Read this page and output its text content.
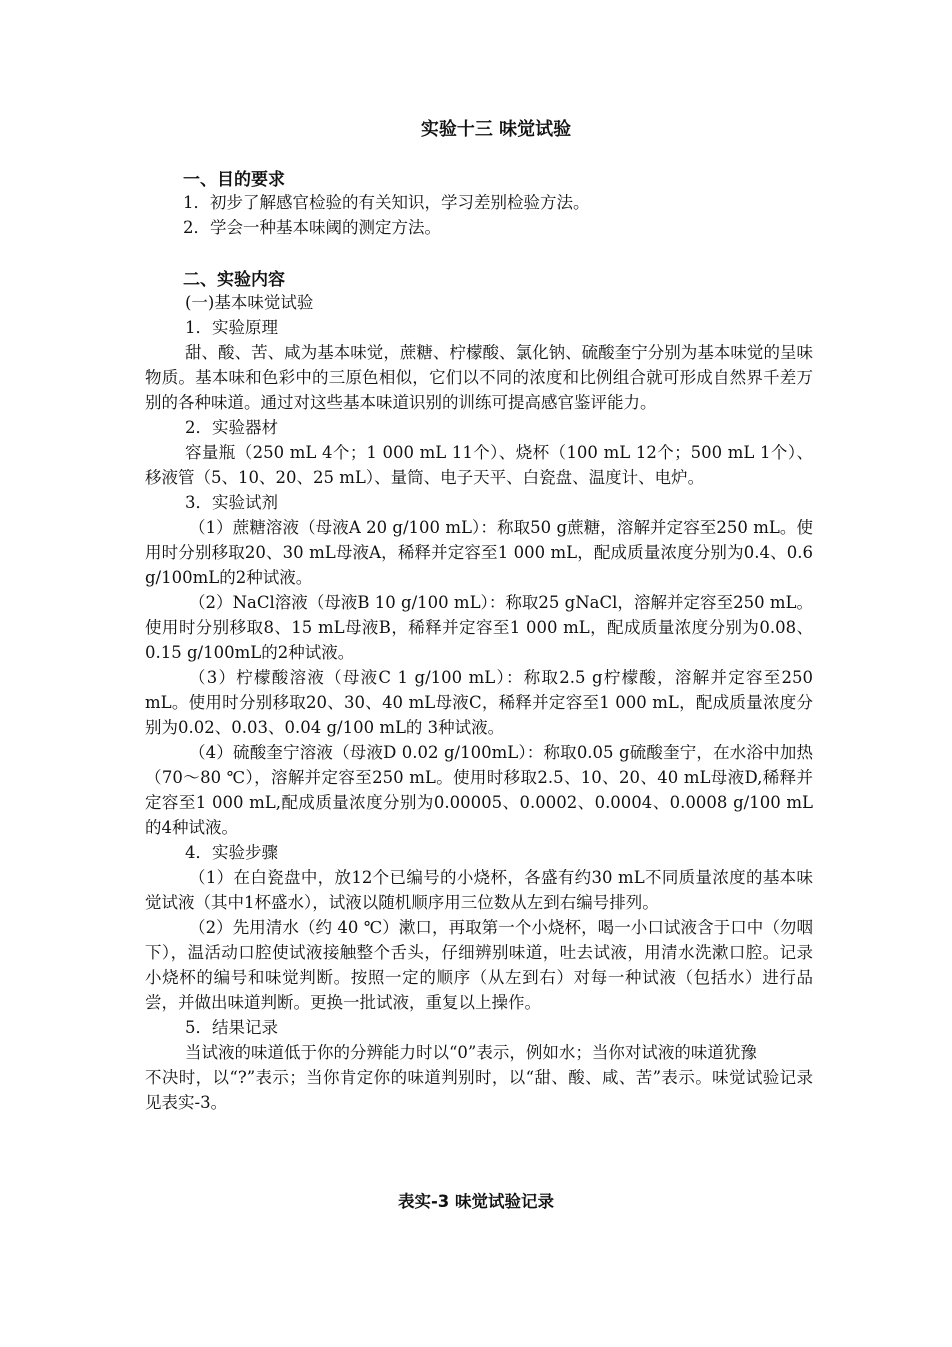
实验十三 味觉试验
一、目的要求
1．初步了解感官检验的有关知识，学习差别检验方法。
2．学会一种基本味阈的测定方法。
二、实验内容

(一)基本味觉试验

1．实验原理

甜、酸、苦、咸为基本味觉，蔗糖、柠檬酸、氯化钠、硫酸奎宁分别为基本味觉的呈味物质。基本味和色彩中的三原色相似，它们以不同的浓度和比例组合就可形成自然界千差万别的各种味道。通过对这些基本味道识别的训练可提高感官鉴评能力。

2．实验器材

容量瓶（250 mL 4个；1 000 mL 11个）、烧杯（100 mL 12个；500 mL 1个）、移液管（5、10、20、25 mL）、量筒、电子天平、白瓷盘、温度计、电炉。

3．实验试剂

（1）蔗糖溶液（母液A 20 g/100 mL）：称取50 g蔗糖，溶解并定容至250 mL。使用时分别移取20、30 mL母液A，稀释并定容至1 000 mL，配成质量浓度分别为0.4、0.6 g/100mL的2种试液。

（2）NaCl溶液（母液B 10 g/100 mL）：称取25 gNaCl，溶解并定容至250 mL。使用时分别移取8、15 mL母液B，稀释并定容至1 000 mL，配成质量浓度分别为0.08、0.15 g/100mL的2种试液。

（3）柠檬酸溶液（母液C 1 g/100 mL）：称取2.5 g柠檬酸，溶解并定容至250 mL。使用时分别移取20、30、40 mL母液C，稀释并定容至1 000 mL，配成质量浓度分别为0.02、0.03、0.04 g/100 mL的 3种试液。

（4）硫酸奎宁溶液（母液D 0.02 g/100mL）：称取0.05 g硫酸奎宁，在水浴中加热（70～80 ℃），溶解并定容至250 mL。使用时移取2.5、10、20、40 mL母液D,稀释并定容至1 000 mL,配成质量浓度分别为0.00005、0.0002、0.0004、0.0008 g/100 mL的4种试液。

4．实验步骤

（1）在白瓷盘中，放12个已编号的小烧杯，各盛有约30 mL不同质量浓度的基本味觉试液（其中1杯盛水），试液以随机顺序用三位数从左到右编号排列。

（2）先用清水（约 40 ℃）漱口，再取第一个小烧杯，喝一小口试液含于口中（勿咽下），温活动口腔使试液接触整个舌头，仔细辨别味道，吐去试液，用清水洗漱口腔。记录小烧杯的编号和味觉判断。按照一定的顺序（从左到右）对每一种试液（包括水）进行品尝，并做出味道判断。更换一批试液，重复以上操作。

5．结果记录

当试液的味道低于你的分辨能力时以“0”表示，例如水；当你对试液的味道犹豫

不决时，以“?”表示；当你肯定你的味道判别时，以“甜、酸、咸、苦”表示。味觉试验记录见表实-3。

表实-3 味觉试验记录
